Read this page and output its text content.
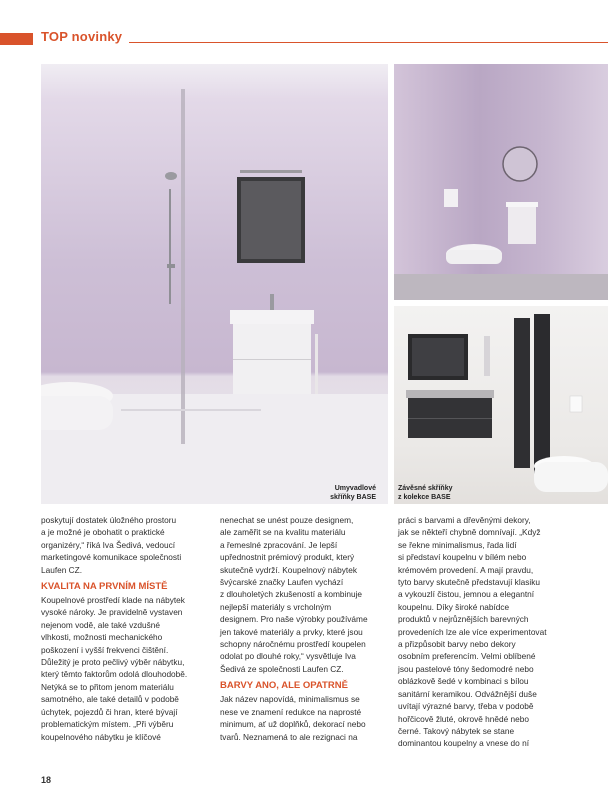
TOP novinky
Umyvadlové
skříňky BASE
Závěsné skříňky
z kolekce BASE

poskytují dostatek úložného prostoru
a je možné je obohatit o praktické
organizéry,“ říká Iva Šedivá, vedoucí
marketingové komunikace společnosti
Laufen CZ.

KVALITA NA PRVNÍM MÍSTĚ

Koupelnové prostředí klade na nábytek
vysoké nároky. Je pravidelně vystaven
nejenom vodě, ale také vzdušné
vlhkosti, možnosti mechanického
poškození i vyšší frekvenci čištění.
Důležitý je proto pečlivý výběr nábytku,
který těmto faktorům odolá dlouhodobě.
Netýká se to přitom jenom materiálu
samotného, ale také detailů v podobě
úchytek, pojezdů či hran, které bývají
problematickým místem. „Při výběru
koupelnového nábytku je klíčové

nenechat se unést pouze designem,
ale zaměřit se na kvalitu materiálu
a řemeslné zpracování. Je lepší
upřednostnit prémiový produkt, který
skutečně vydrží. Koupelnový nábytek
švýcarské značky Laufen vychází
z dlouholetých zkušeností a kombinuje
nejlepší materiály s vrcholným
designem. Pro naše výrobky používáme
jen takové materiály a prvky, které jsou
schopny náročnému prostředí koupelen
odolat po dlouhé roky,“ vysvětluje Iva
Šedivá ze společnosti Laufen CZ.

BARVY ANO, ALE OPATRNĚ

Jak název napovídá, minimalismus se
nese ve znamení redukce na naprosté
minimum, ať už doplňků, dekorací nebo
tvarů. Neznamená to ale rezignaci na

práci s barvami a dřevěnými dekory,
jak se někteří chybně domnívají. „Když
se řekne minimalismus, řada lidí
si představí koupelnu v bílém nebo
krémovém provedení. A mají pravdu,
tyto barvy skutečně představují klasiku
a vykouzlí čistou, jemnou a elegantní
koupelnu. Díky široké nabídce
produktů v nejrůznějších barevných
provedeních lze ale více experimentovat
a přizpůsobit barvy nebo dekory
osobním preferencím. Velmi oblíbené
jsou pastelové tóny šedomodré nebo
oblázkově šedé v kombinaci s bílou
sanitární keramikou. Odvážnější duše
uvítají výrazné barvy, třeba v podobě
hořčicově žluté, okrově hnědé nebo
černé. Takový nábytek se stane
dominantou koupelny a vnese do ní

18
